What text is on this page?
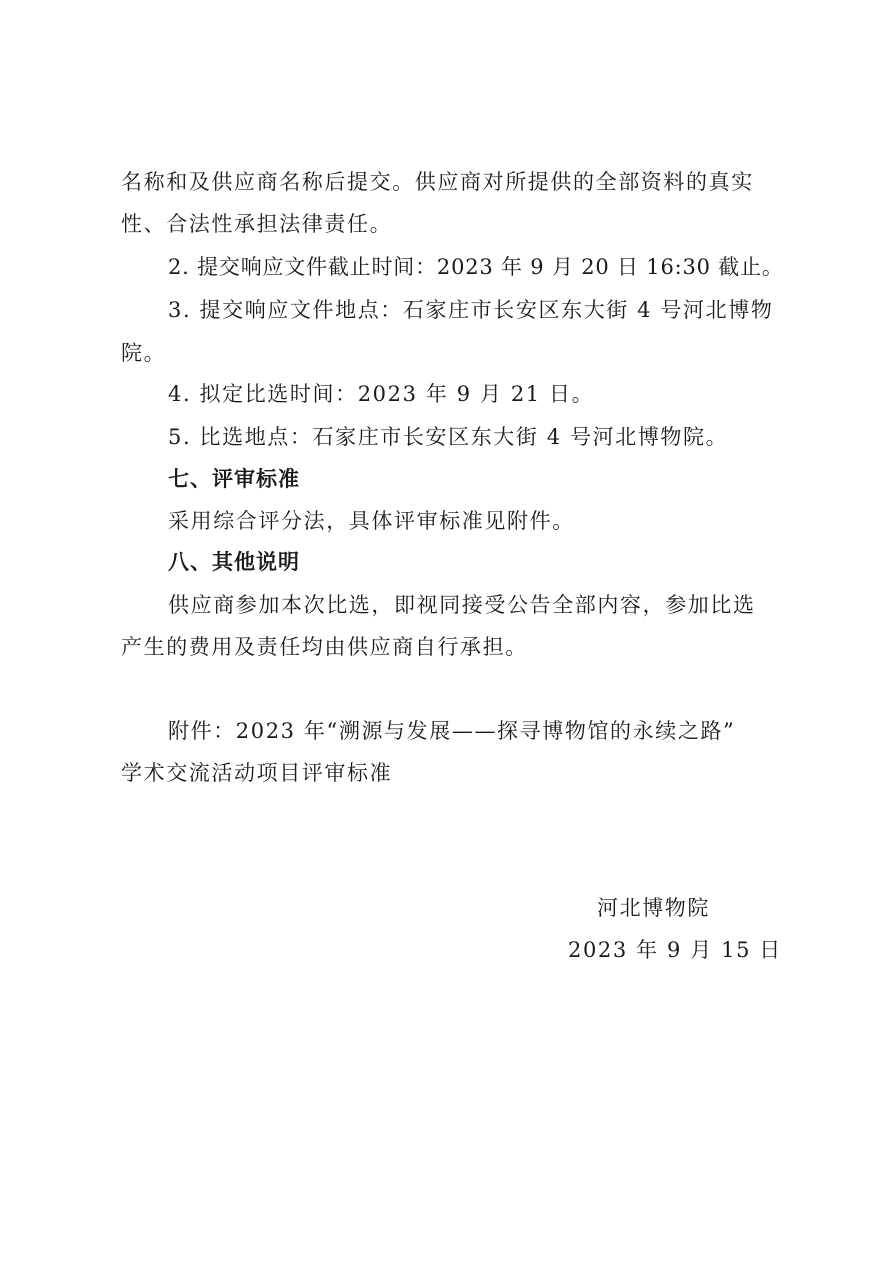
名称和及供应商名称后提交。供应商对所提供的全部资料的真实
性、合法性承担法律责任。
2. 提交响应文件截止时间：2023 年 9 月 20 日 16:30 截止。
3. 提交响应文件地点：石家庄市长安区东大街 4 号河北博物
院。
4. 拟定比选时间：2023 年 9 月 21 日。
5. 比选地点：石家庄市长安区东大街 4 号河北博物院。
七、评审标准
采用综合评分法，具体评审标准见附件。
八、其他说明
供应商参加本次比选，即视同接受公告全部内容，参加比选
产生的费用及责任均由供应商自行承担。
附件：2023 年“溯源与发展——探寻博物馆的永续之路”
学术交流活动项目评审标准
河北博物院
2023 年 9 月 15 日
